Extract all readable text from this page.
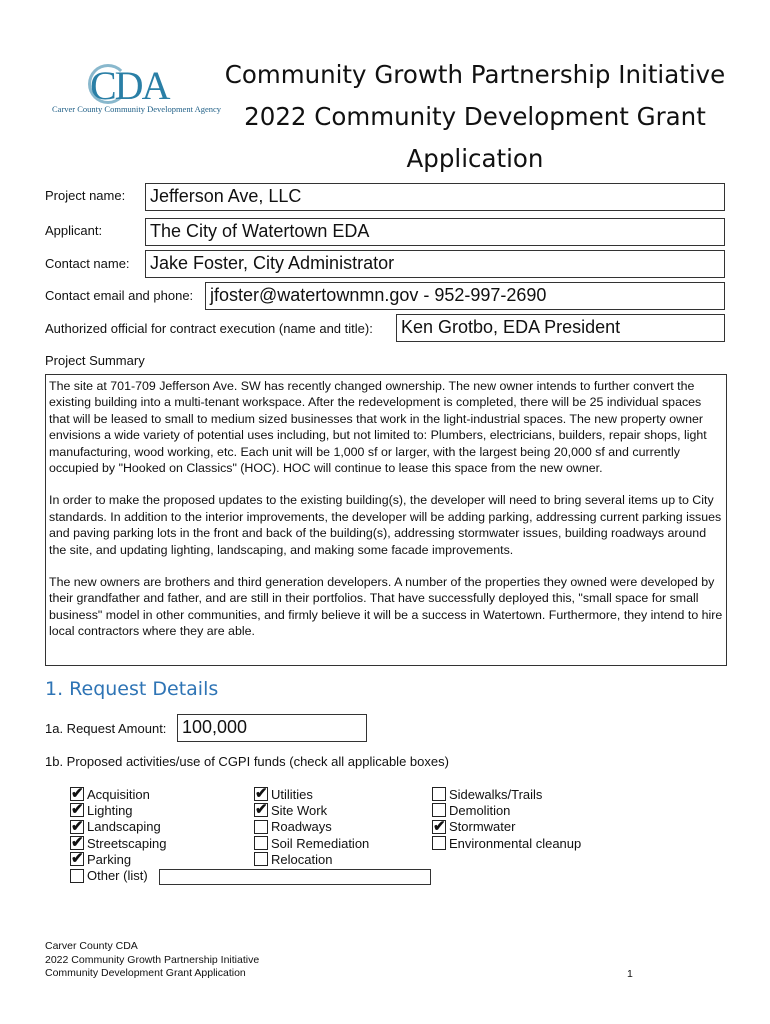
CDA
Carver County Community Development Agency
Community Growth Partnership Initiative
2022 Community Development Grant
Application
Project name: Jefferson Ave, LLC
Applicant:	The City of Watertown EDA
Contact name: Jake Foster, City Administrator
Contact email and phone: jfoster@watertownmn.gov - 952-997-2690
Authorized official for contract execution (name and title): Ken Grotbo, EDA President
Project Summary

The site at 701-709 Jefferson Ave. SW has recently changed ownership. The new owner intends to further convert the existing building into a multi-tenant workspace. After the redevelopment is completed, there will be 25 individual spaces that will be leased to small to medium sized businesses that work in the light-industrial spaces. The new property owner envisions a wide variety of potential uses including, but not limited to: Plumbers, electricians, builders, repair shops, light manufacturing, wood working, etc. Each unit will be 1,000 sf or larger, with the largest being 20,000 sf and currently occupied by "Hooked on Classics" (HOC). HOC will continue to lease this space from the new owner.

In order to make the proposed updates to the existing building(s), the developer will need to bring several items up to City standards. In addition to the interior improvements, the developer will be adding parking, addressing current parking issues and paving parking lots in the front and back of the building(s), addressing stormwater issues, building roadways around the site, and updating lighting, landscaping, and making some facade improvements.

The new owners are brothers and third generation developers. A number of the properties they owned were developed by their grandfather and father, and are still in their portfolios. That have successfully deployed this, "small space for small business" model in other communities, and firmly believe it will be a success in Watertown. Furthermore, they intend to hire local contractors where they are able.

1. Request Details
1a. Request Amount: 100,000
1b. Proposed activities/use of CGPI funds (check all applicable boxes)
✔ Acquisition
✔ Lighting
✔ Landscaping
✔ Streetscaping
✔ Parking
Other (list)
✔ Utilities
✔ Site Work
Roadways
Soil Remediation
Relocation
Sidewalks/Trails
Demolition
✔ Stormwater
Environmental cleanup
Carver County CDA
2022 Community Growth Partnership Initiative
Community Development Grant Application	1
